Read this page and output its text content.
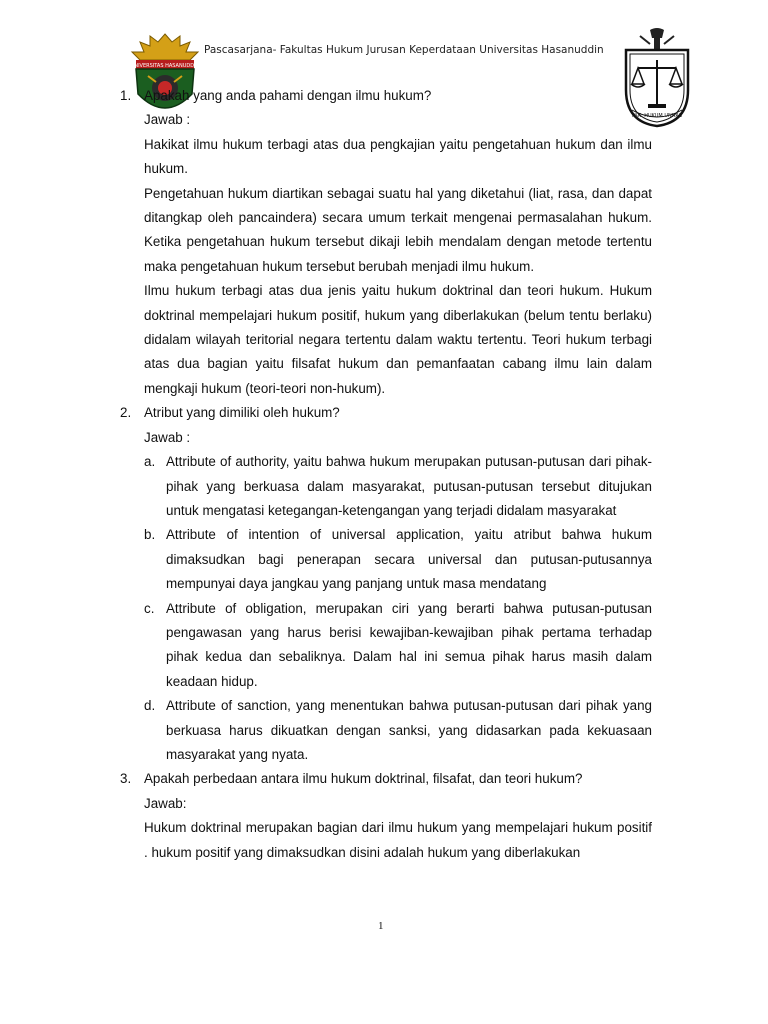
UNIVERSITAS HASANUDDIN
Pascasarjana- Fakultas Hukum Jurusan Keperdataan Universitas Hasanuddin
FAK. HUKUM UNHAS
1. Apakah yang anda pahami dengan ilmu hukum?

Jawab :

Hakikat ilmu hukum terbagi atas dua pengkajian yaitu pengetahuan hukum dan ilmu hukum.

Pengetahuan hukum diartikan sebagai suatu hal yang diketahui (liat, rasa, dan dapat ditangkap oleh pancaindera) secara umum terkait mengenai permasalahan hukum. Ketika pengetahuan hukum tersebut dikaji lebih mendalam dengan metode tertentu maka pengetahuan hukum tersebut berubah menjadi ilmu hukum.

Ilmu hukum terbagi atas dua jenis yaitu hukum doktrinal dan teori hukum. Hukum doktrinal mempelajari hukum positif, hukum yang diberlakukan (belum tentu berlaku) didalam wilayah teritorial negara tertentu dalam waktu tertentu. Teori hukum terbagi atas dua bagian yaitu filsafat hukum dan pemanfaatan cabang ilmu lain dalam mengkaji hukum (teori-teori non-hukum).

2. Atribut yang dimiliki oleh hukum?

Jawab :

a. Attribute of authority, yaitu bahwa hukum merupakan putusan-putusan dari pihak-pihak yang berkuasa dalam masyarakat, putusan-putusan tersebut ditujukan untuk mengatasi ketegangan-ketengangan yang terjadi didalam masyarakat

b. Attribute of intention of universal application, yaitu atribut bahwa hukum dimaksudkan bagi penerapan secara universal dan putusan-putusannya mempunyai daya jangkau yang panjang untuk masa mendatang

c. Attribute of obligation, merupakan ciri yang berarti bahwa putusan-putusan pengawasan yang harus berisi kewajiban-kewajiban pihak pertama terhadap pihak kedua dan sebaliknya. Dalam hal ini semua pihak harus masih dalam keadaan hidup.

d. Attribute of sanction, yang menentukan bahwa putusan-putusan dari pihak yang berkuasa harus dikuatkan dengan sanksi, yang didasarkan pada kekuasaan masyarakat yang nyata.

3. Apakah perbedaan antara ilmu hukum doktrinal, filsafat, dan teori hukum?

Jawab:

Hukum doktrinal merupakan bagian dari ilmu hukum yang mempelajari hukum positif . hukum positif yang dimaksudkan disini adalah hukum yang diberlakukan

1
